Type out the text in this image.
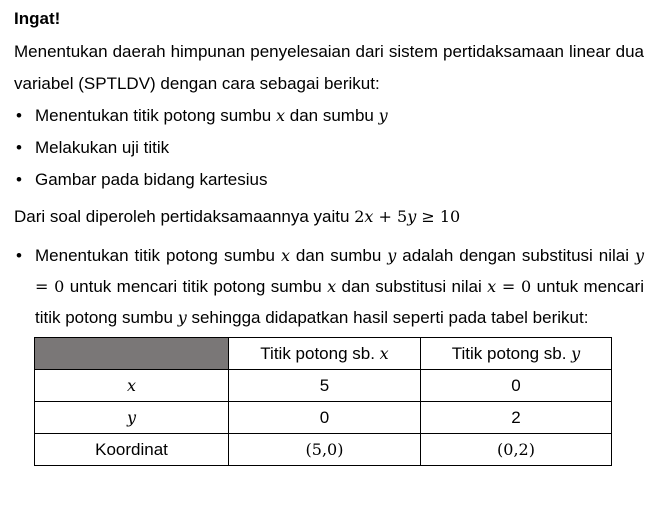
Ingat!

Menentukan daerah himpunan penyelesaian dari sistem pertidaksamaan linear dua variabel (SPTLDV) dengan cara sebagai berikut:

• Menentukan titik potong sumbu x dan sumbu y
• Melakukan uji titik
• Gambar pada bidang kartesius

Dari soal diperoleh pertidaksamaannya yaitu 2x + 5y ≥ 10

• Menentukan titik potong sumbu x dan sumbu y adalah dengan substitusi nilai y = 0 untuk mencari titik potong sumbu x dan substitusi nilai x = 0 untuk mencari titik potong sumbu y sehingga didapatkan hasil seperti pada tabel berikut:
	Titik potong sb. x	Titik potong sb. y
x	5	0
y	0	2
Koordinat	(5,0)	(0,2)
